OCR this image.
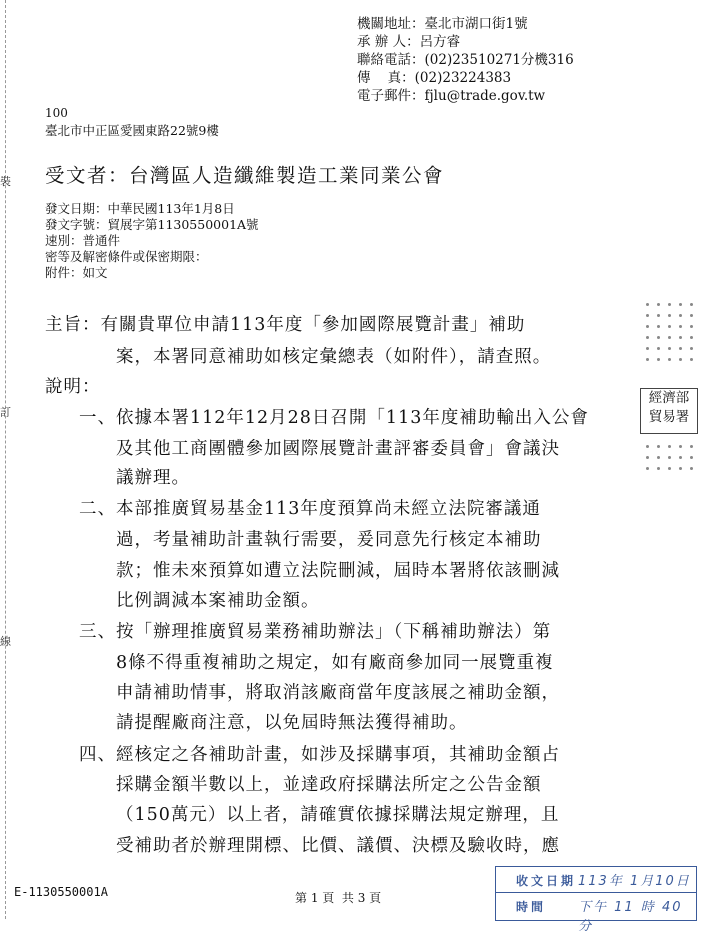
裝
訂
線
機關地址：臺北市湖口街1號
承 辦 人：呂方睿
聯絡電話：(02)23510271分機316
傳    真：(02)23224383
電子郵件：fjlu@trade.gov.tw
100
臺北市中正區愛國東路22號9樓
受文者：台灣區人造纖維製造工業同業公會
發文日期：中華民國113年1月8日
發文字號：貿展字第1130550001A號
速別：普通件
密等及解密條件或保密期限：
附件：如文
主旨：有關貴單位申請113年度「參加國際展覽計畫」補助
案，本署同意補助如核定彙總表（如附件），請查照。
說明：
一、依據本署112年12月28日召開「113年度補助輸出入公會
及其他工商團體參加國際展覽計畫評審委員會」會議決
議辦理。
二、本部推廣貿易基金113年度預算尚未經立法院審議通
過，考量補助計畫執行需要，爰同意先行核定本補助
款；惟未來預算如遭立法院刪減，屆時本署將依該刪減
比例調減本案補助金額。
三、按「辦理推廣貿易業務補助辦法」（下稱補助辦法）第
8條不得重複補助之規定，如有廠商參加同一展覽重複
申請補助情事，將取消該廠商當年度該展之補助金額，
請提醒廠商注意，以免屆時無法獲得補助。
四、經核定之各補助計畫，如涉及採購事項，其補助金額占
採購金額半數以上，並達政府採購法所定之公告金額
（150萬元）以上者，請確實依據採購法規定辦理，且
受補助者於辦理開標、比價、議價、決標及驗收時，應
經濟部
貿易署
E-1130550001A	第 1 頁  共 3 頁
收文日期 113年 1月10日
時間 下午 11 時 40 分
